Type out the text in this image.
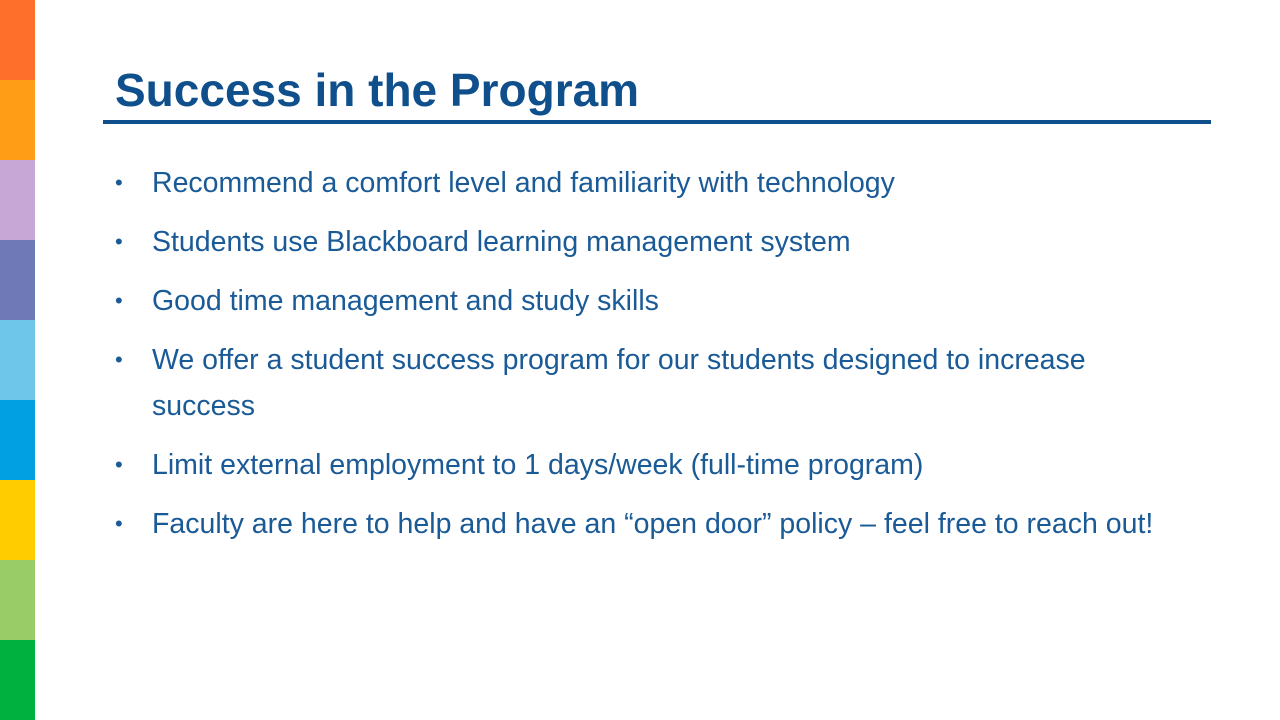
Success in the Program
• Recommend a comfort level and familiarity with technology
• Students use Blackboard learning management system
• Good time management and study skills
• We offer a student success program for our students designed to increase success
• Limit external employment to 1 days/week (full-time program)
• Faculty are here to help and have an “open door” policy – feel free to reach out!
